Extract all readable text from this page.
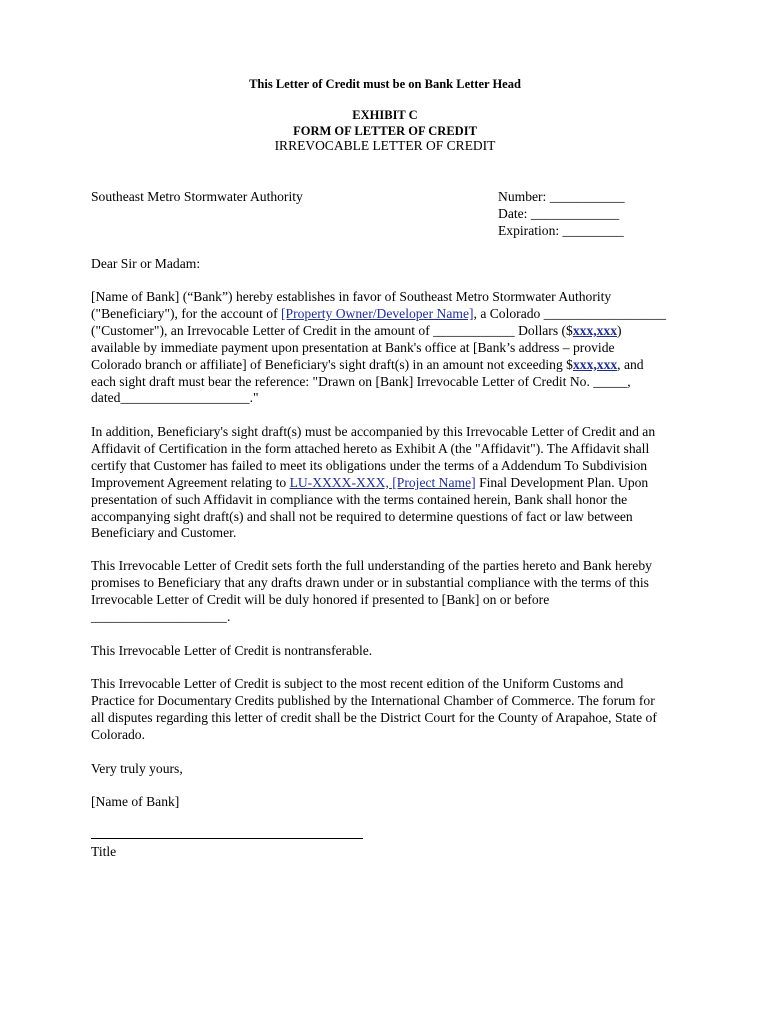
This Letter of Credit must be on Bank Letter Head
EXHIBIT C
FORM OF LETTER OF CREDIT
IRREVOCABLE LETTER OF CREDIT
Southeast Metro Stormwater Authority	Number: ___________
Date: _____________
Expiration: _________
Dear Sir or Madam:

[Name of Bank] (“Bank”) hereby establishes in favor of Southeast Metro Stormwater Authority

("Beneficiary"), for the account of [Property Owner/Developer Name], a Colorado __________________

("Customer"), an Irrevocable Letter of Credit in the amount of ____________ Dollars ($xxx,xxx)

available by immediate payment upon presentation at Bank's office at [Bank’s address – provide

Colorado branch or affiliate] of Beneficiary's sight draft(s) in an amount not exceeding $xxx,xxx, and

each sight draft must bear the reference: "Drawn on [Bank] Irrevocable Letter of Credit No. _____,

dated___________________."

In addition, Beneficiary's sight draft(s) must be accompanied by this Irrevocable Letter of Credit and an

Affidavit of Certification in the form attached hereto as Exhibit A (the "Affidavit"). The Affidavit shall

certify that Customer has failed to meet its obligations under the terms of a Addendum To Subdivision

Improvement Agreement relating to LU-XXXX-XXX, [Project Name] Final Development Plan. Upon

presentation of such Affidavit in compliance with the terms contained herein, Bank shall honor the

accompanying sight draft(s) and shall not be required to determine questions of fact or law between

Beneficiary and Customer.

This Irrevocable Letter of Credit sets forth the full understanding of the parties hereto and Bank hereby

promises to Beneficiary that any drafts drawn under or in substantial compliance with the terms of this

Irrevocable Letter of Credit will be duly honored if presented to [Bank] on or before

____________________.

This Irrevocable Letter of Credit is nontransferable.

This Irrevocable Letter of Credit is subject to the most recent edition of the Uniform Customs and

Practice for Documentary Credits published by the International Chamber of Commerce. The forum for

all disputes regarding this letter of credit shall be the District Court for the County of Arapahoe, State of

Colorado.

Very truly yours,
[Name of Bank]
Title
